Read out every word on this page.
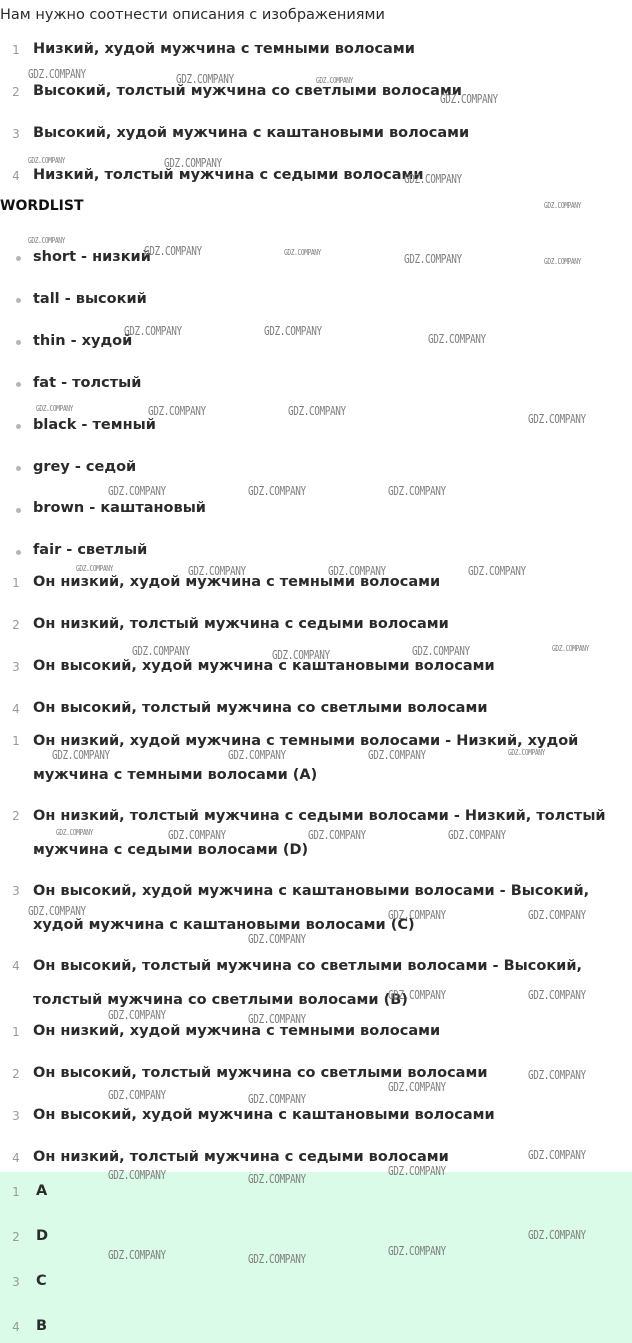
Нам нужно соотнести описания с изображениями
1 Низкий, худой мужчина с темными волосами
2 Высокий, толстый мужчина со светлыми волосами
3 Высокий, худой мужчина с каштановыми волосами
4 Низкий, толстый мужчина с седыми волосами
WORDLIST
short - низкий
tall - высокий
thin - худой
fat - толстый
black - темный
grey - седой
brown - каштановый
fair - светлый
1 Он низкий, худой мужчина с темными волосами
2 Он низкий, толстый мужчина с седыми волосами
3 Он высокий, худой мужчина с каштановыми волосами
4 Он высокий, толстый мужчина со светлыми волосами
1 Он низкий, худой мужчина с темными волосами - Низкий, худой мужчина с темными волосами (A)
2 Он низкий, толстый мужчина с седыми волосами - Низкий, толстый мужчина с седыми волосами (D)
3 Он высокий, худой мужчина с каштановыми волосами - Высокий, худой мужчина с каштановыми волосами (C)
4 Он высокий, толстый мужчина со светлыми волосами - Высокий, толстый мужчина со светлыми волосами (B)
1 Он низкий, худой мужчина с темными волосами
2 Он высокий, толстый мужчина со светлыми волосами
3 Он высокий, худой мужчина с каштановыми волосами
4 Он низкий, толстый мужчина с седыми волосами
1 A
2 D
3 C
4 B
GDZ.COMPANY	GDZ.COMPANY	GDZ.COMPANY
GDZ.COMPANY
GDZ.COMPANY	GDZ.COMPANY
GDZ.COMPANY
GDZ.COMPANY
GDZ.COMPANY
GDZ.COMPANY	GDZ.COMPANY	GDZ.COMPANY	GDZ.COMPANY
GDZ.COMPANY	GDZ.COMPANY
GDZ.COMPANY
GDZ.COMPANY	GDZ.COMPANY	GDZ.COMPANY
GDZ.COMPANY
GDZ.COMPANY	GDZ.COMPANY	GDZ.COMPANY
GDZ.COMPANY	GDZ.COMPANY	GDZ.COMPANY	GDZ.COMPANY
GDZ.COMPANY	GDZ.COMPANY	GDZ.COMPANY	GDZ.COMPANY
GDZ.COMPANY	GDZ.COMPANY	GDZ.COMPANY	GDZ.COMPANY
GDZ.COMPANY	GDZ.COMPANY	GDZ.COMPANY	GDZ.COMPANY
GDZ.COMPANY
GDZ.COMPANY
GDZ.COMPANY	GDZ.COMPANY
GDZ.COMPANY	GDZ.COMPANY
GDZ.COMPANY	GDZ.COMPANY
GDZ.COMPANY
GDZ.COMPANY
GDZ.COMPANY	GDZ.COMPANY
GDZ.COMPANY
GDZ.COMPANY	GDZ.COMPANY
GDZ.COMPANY
GDZ.COMPANY
GDZ.COMPANY	GDZ.COMPANY
GDZ.COMPANY
